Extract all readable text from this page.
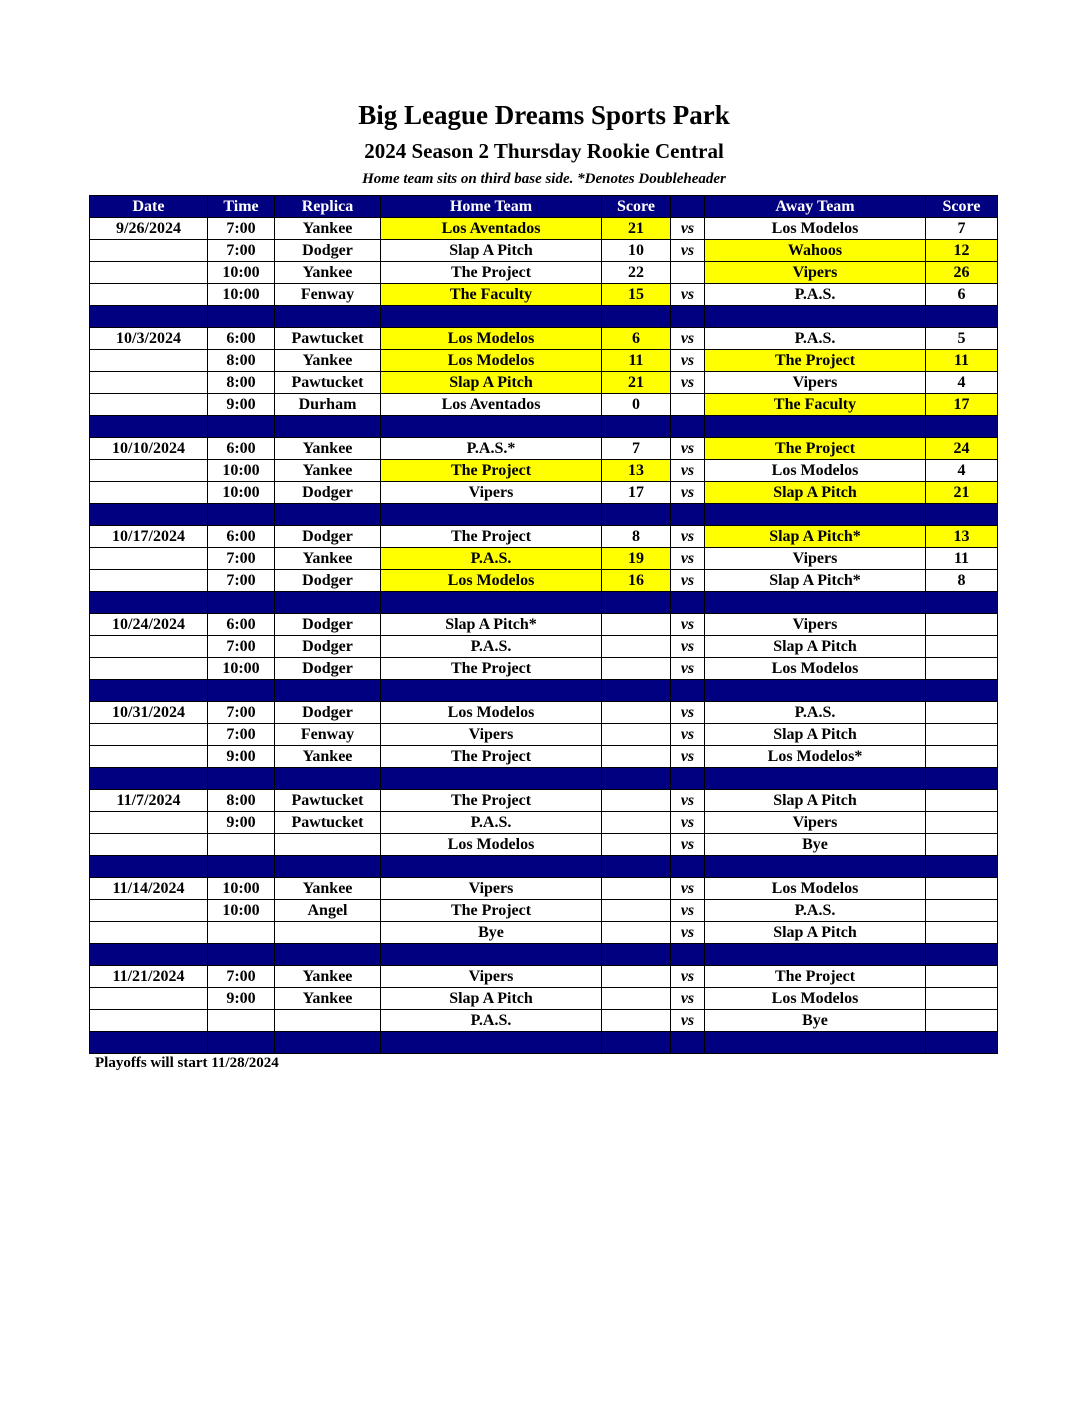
Big League Dreams Sports Park
2024 Season 2 Thursday Rookie Central
Home team sits on third base side. *Denotes Doubleheader
Date	Time	Replica	Home Team	Score		Away Team	Score
9/26/2024	7:00	Yankee	Los Aventados	21	vs	Los Modelos	7
	7:00	Dodger	Slap A Pitch	10	vs	Wahoos	12
	10:00	Yankee	The Project	22		Vipers	26
	10:00	Fenway	The Faculty	15	vs	P.A.S.	6

10/3/2024	6:00	Pawtucket	Los Modelos	6	vs	P.A.S.	5
	8:00	Yankee	Los Modelos	11	vs	The Project	11
	8:00	Pawtucket	Slap A Pitch	21	vs	Vipers	4
	9:00	Durham	Los Aventados	0		The Faculty	17

10/10/2024	6:00	Yankee	P.A.S.*	7	vs	The Project	24
	10:00	Yankee	The Project	13	vs	Los Modelos	4
	10:00	Dodger	Vipers	17	vs	Slap A Pitch	21

10/17/2024	6:00	Dodger	The Project	8	vs	Slap A Pitch*	13
	7:00	Yankee	P.A.S.	19	vs	Vipers	11
	7:00	Dodger	Los Modelos	16	vs	Slap A Pitch*	8

10/24/2024	6:00	Dodger	Slap A Pitch*		vs	Vipers	
	7:00	Dodger	P.A.S.		vs	Slap A Pitch	
	10:00	Dodger	The Project		vs	Los Modelos	

10/31/2024	7:00	Dodger	Los Modelos		vs	P.A.S.	
	7:00	Fenway	Vipers		vs	Slap A Pitch	
	9:00	Yankee	The Project		vs	Los Modelos*	

11/7/2024	8:00	Pawtucket	The Project		vs	Slap A Pitch	
	9:00	Pawtucket	P.A.S.		vs	Vipers	
			Los Modelos		vs	Bye	

11/14/2024	10:00	Yankee	Vipers		vs	Los Modelos	
	10:00	Angel	The Project		vs	P.A.S.	
			Bye		vs	Slap A Pitch	

11/21/2024	7:00	Yankee	Vipers		vs	The Project	
	9:00	Yankee	Slap A Pitch		vs	Los Modelos	
			P.A.S.		vs	Bye	

Playoffs will start 11/28/2024
